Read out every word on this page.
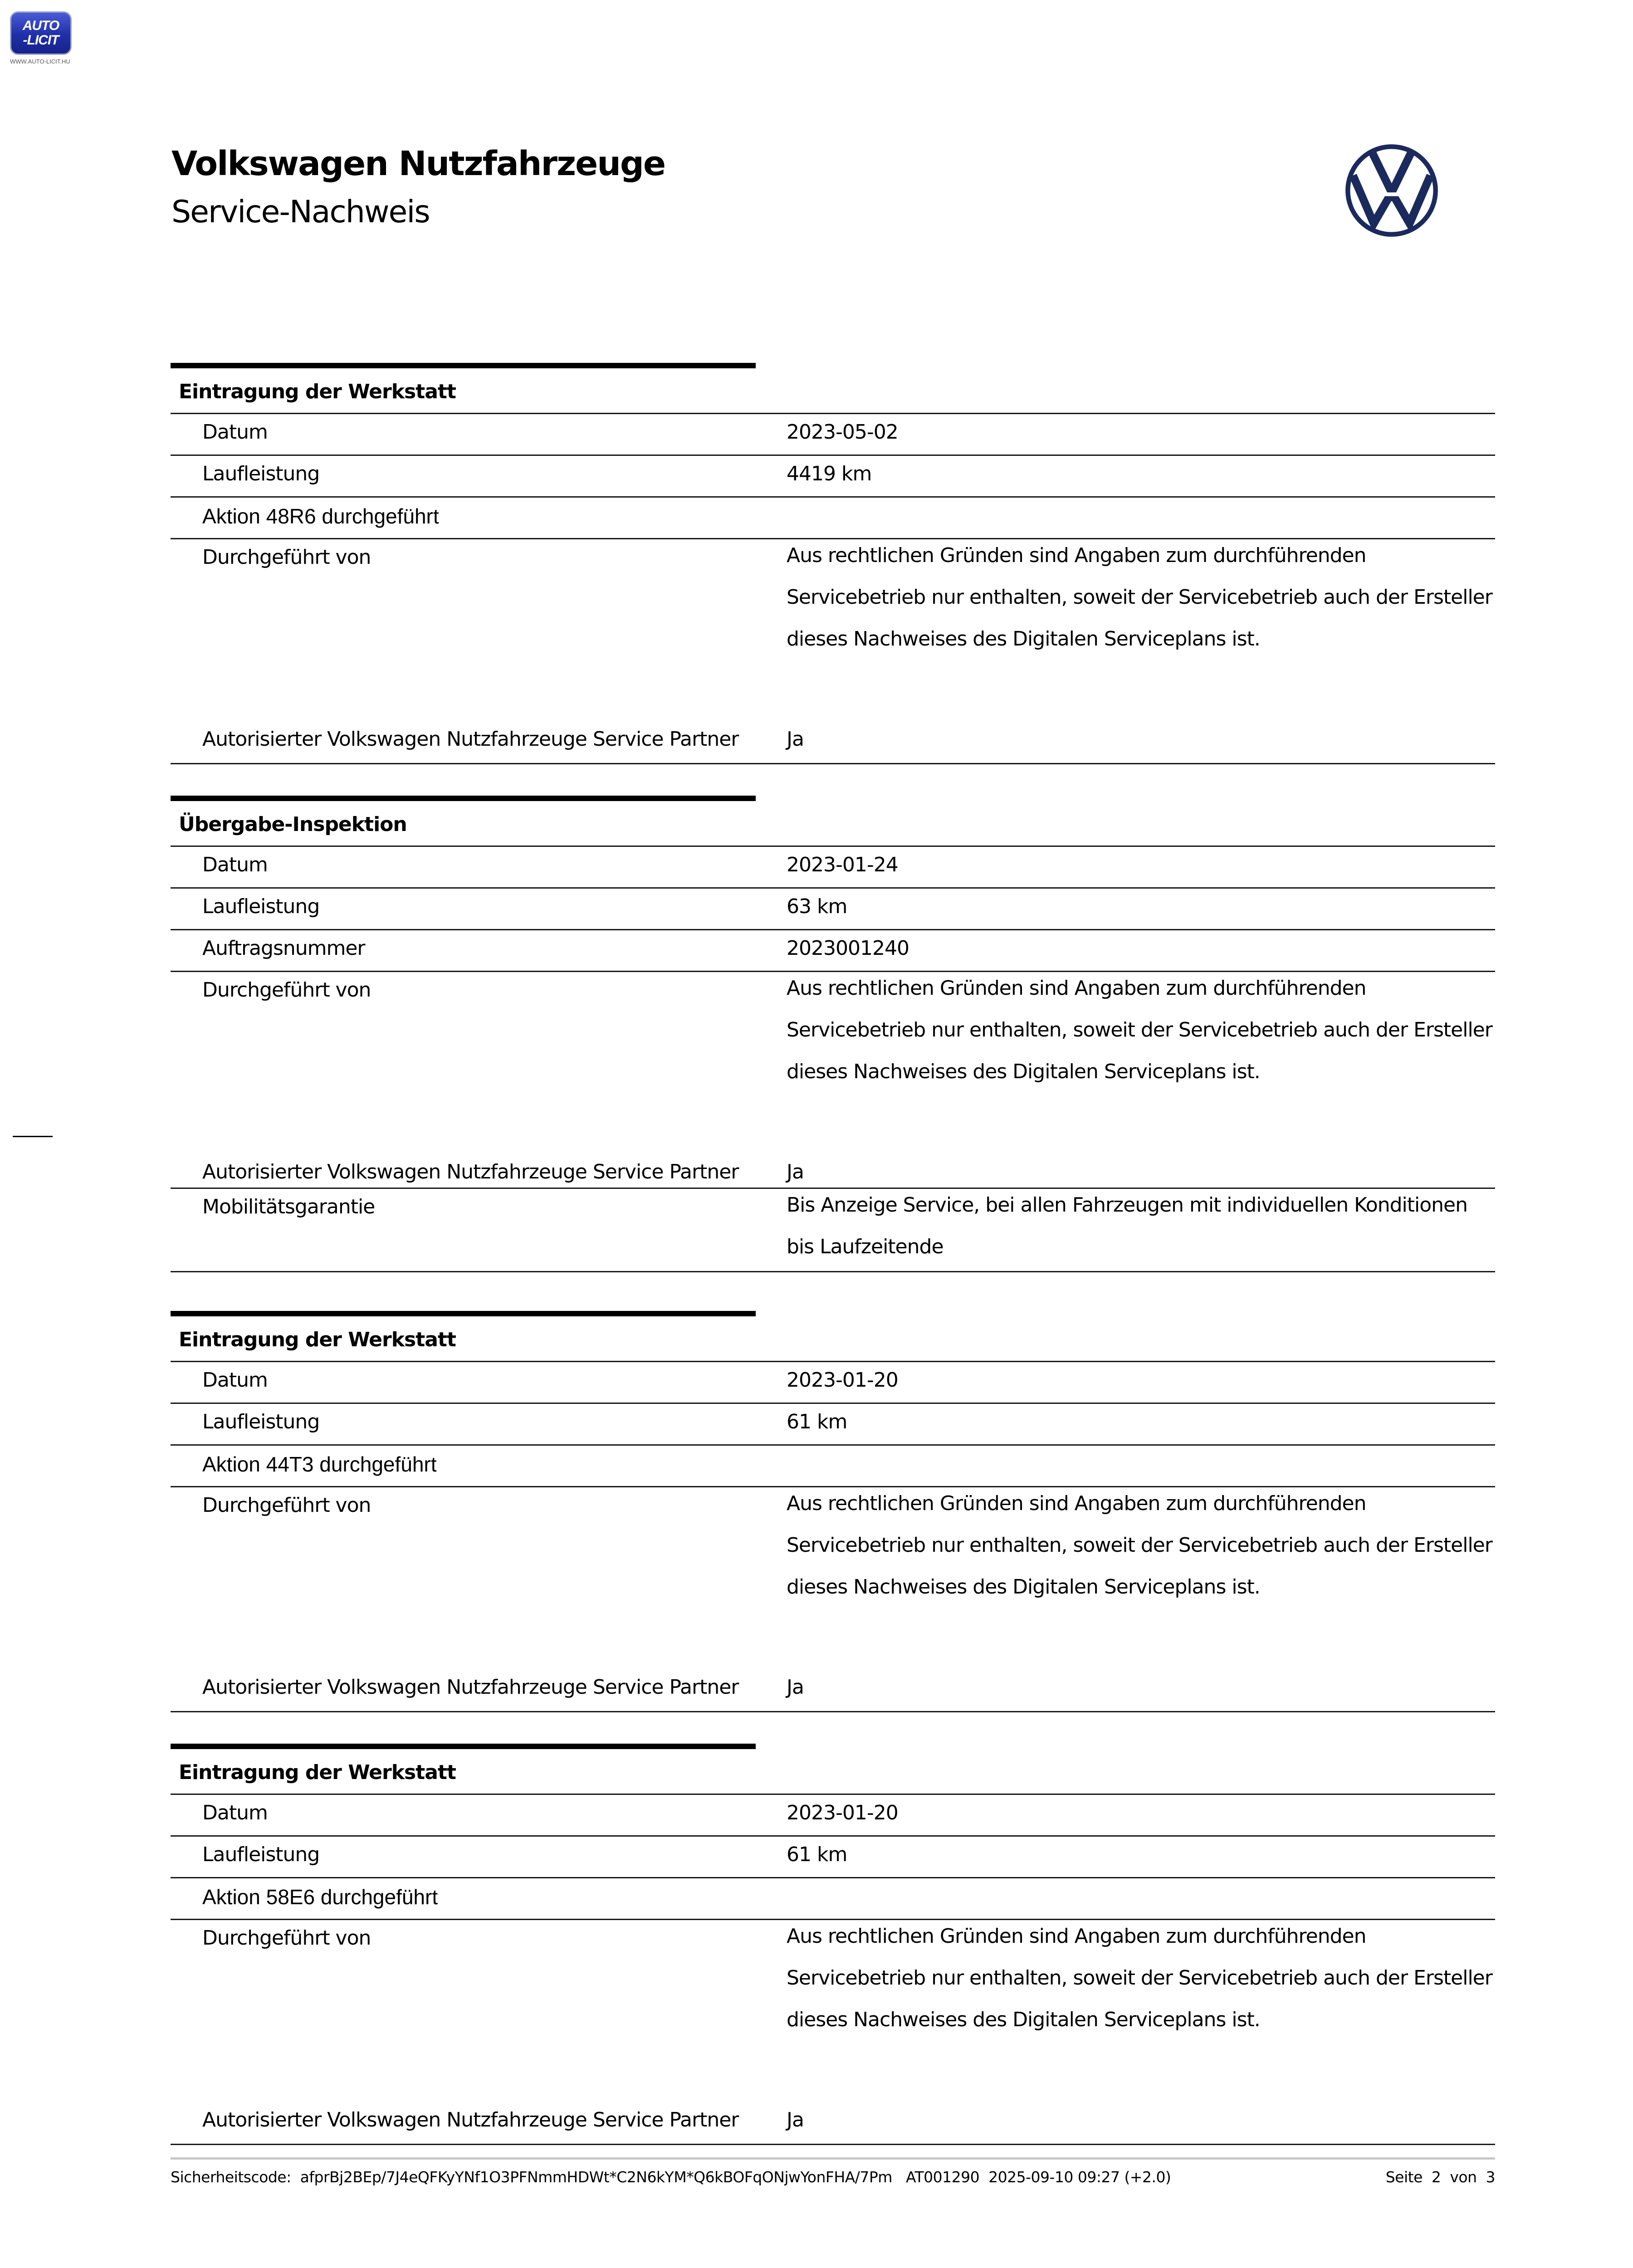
AUTO
-LICIT
WWW.AUTO-LICIT.HU
Volkswagen Nutzfahrzeuge
Service-Nachweis
Eintragung der Werkstatt
Datum	2023-05-02
Laufleistung	4419 km
Aktion 48R6 durchgeführt
Durchgeführt von	Aus rechtlichen Gründen sind Angaben zum durchführenden Servicebetrieb nur enthalten, soweit der Servicebetrieb auch der Ersteller dieses Nachweises des Digitalen Serviceplans ist.
Autorisierter Volkswagen Nutzfahrzeuge Service Partner	Ja
Übergabe-Inspektion
Datum	2023-01-24
Laufleistung	63 km
Auftragsnummer	2023001240
Durchgeführt von	Aus rechtlichen Gründen sind Angaben zum durchführenden Servicebetrieb nur enthalten, soweit der Servicebetrieb auch der Ersteller dieses Nachweises des Digitalen Serviceplans ist.
Autorisierter Volkswagen Nutzfahrzeuge Service Partner	Ja
Mobilitätsgarantie	Bis Anzeige Service, bei allen Fahrzeugen mit individuellen Konditionen bis Laufzeitende
Eintragung der Werkstatt
Datum	2023-01-20
Laufleistung	61 km
Aktion 44T3 durchgeführt
Durchgeführt von	Aus rechtlichen Gründen sind Angaben zum durchführenden Servicebetrieb nur enthalten, soweit der Servicebetrieb auch der Ersteller dieses Nachweises des Digitalen Serviceplans ist.
Autorisierter Volkswagen Nutzfahrzeuge Service Partner	Ja
Eintragung der Werkstatt
Datum	2023-01-20
Laufleistung	61 km
Aktion 58E6 durchgeführt
Durchgeführt von	Aus rechtlichen Gründen sind Angaben zum durchführenden Servicebetrieb nur enthalten, soweit der Servicebetrieb auch der Ersteller dieses Nachweises des Digitalen Serviceplans ist.
Autorisierter Volkswagen Nutzfahrzeuge Service Partner	Ja
Sicherheitscode: afprBj2BEp/7J4eQFKyYNf1O3PFNmmHDWt*C2N6kYM*Q6kBOFqONjwYonFHA/7Pm AT001290 2025-09-10 09:27 (+2.0)	Seite 2 von 3
